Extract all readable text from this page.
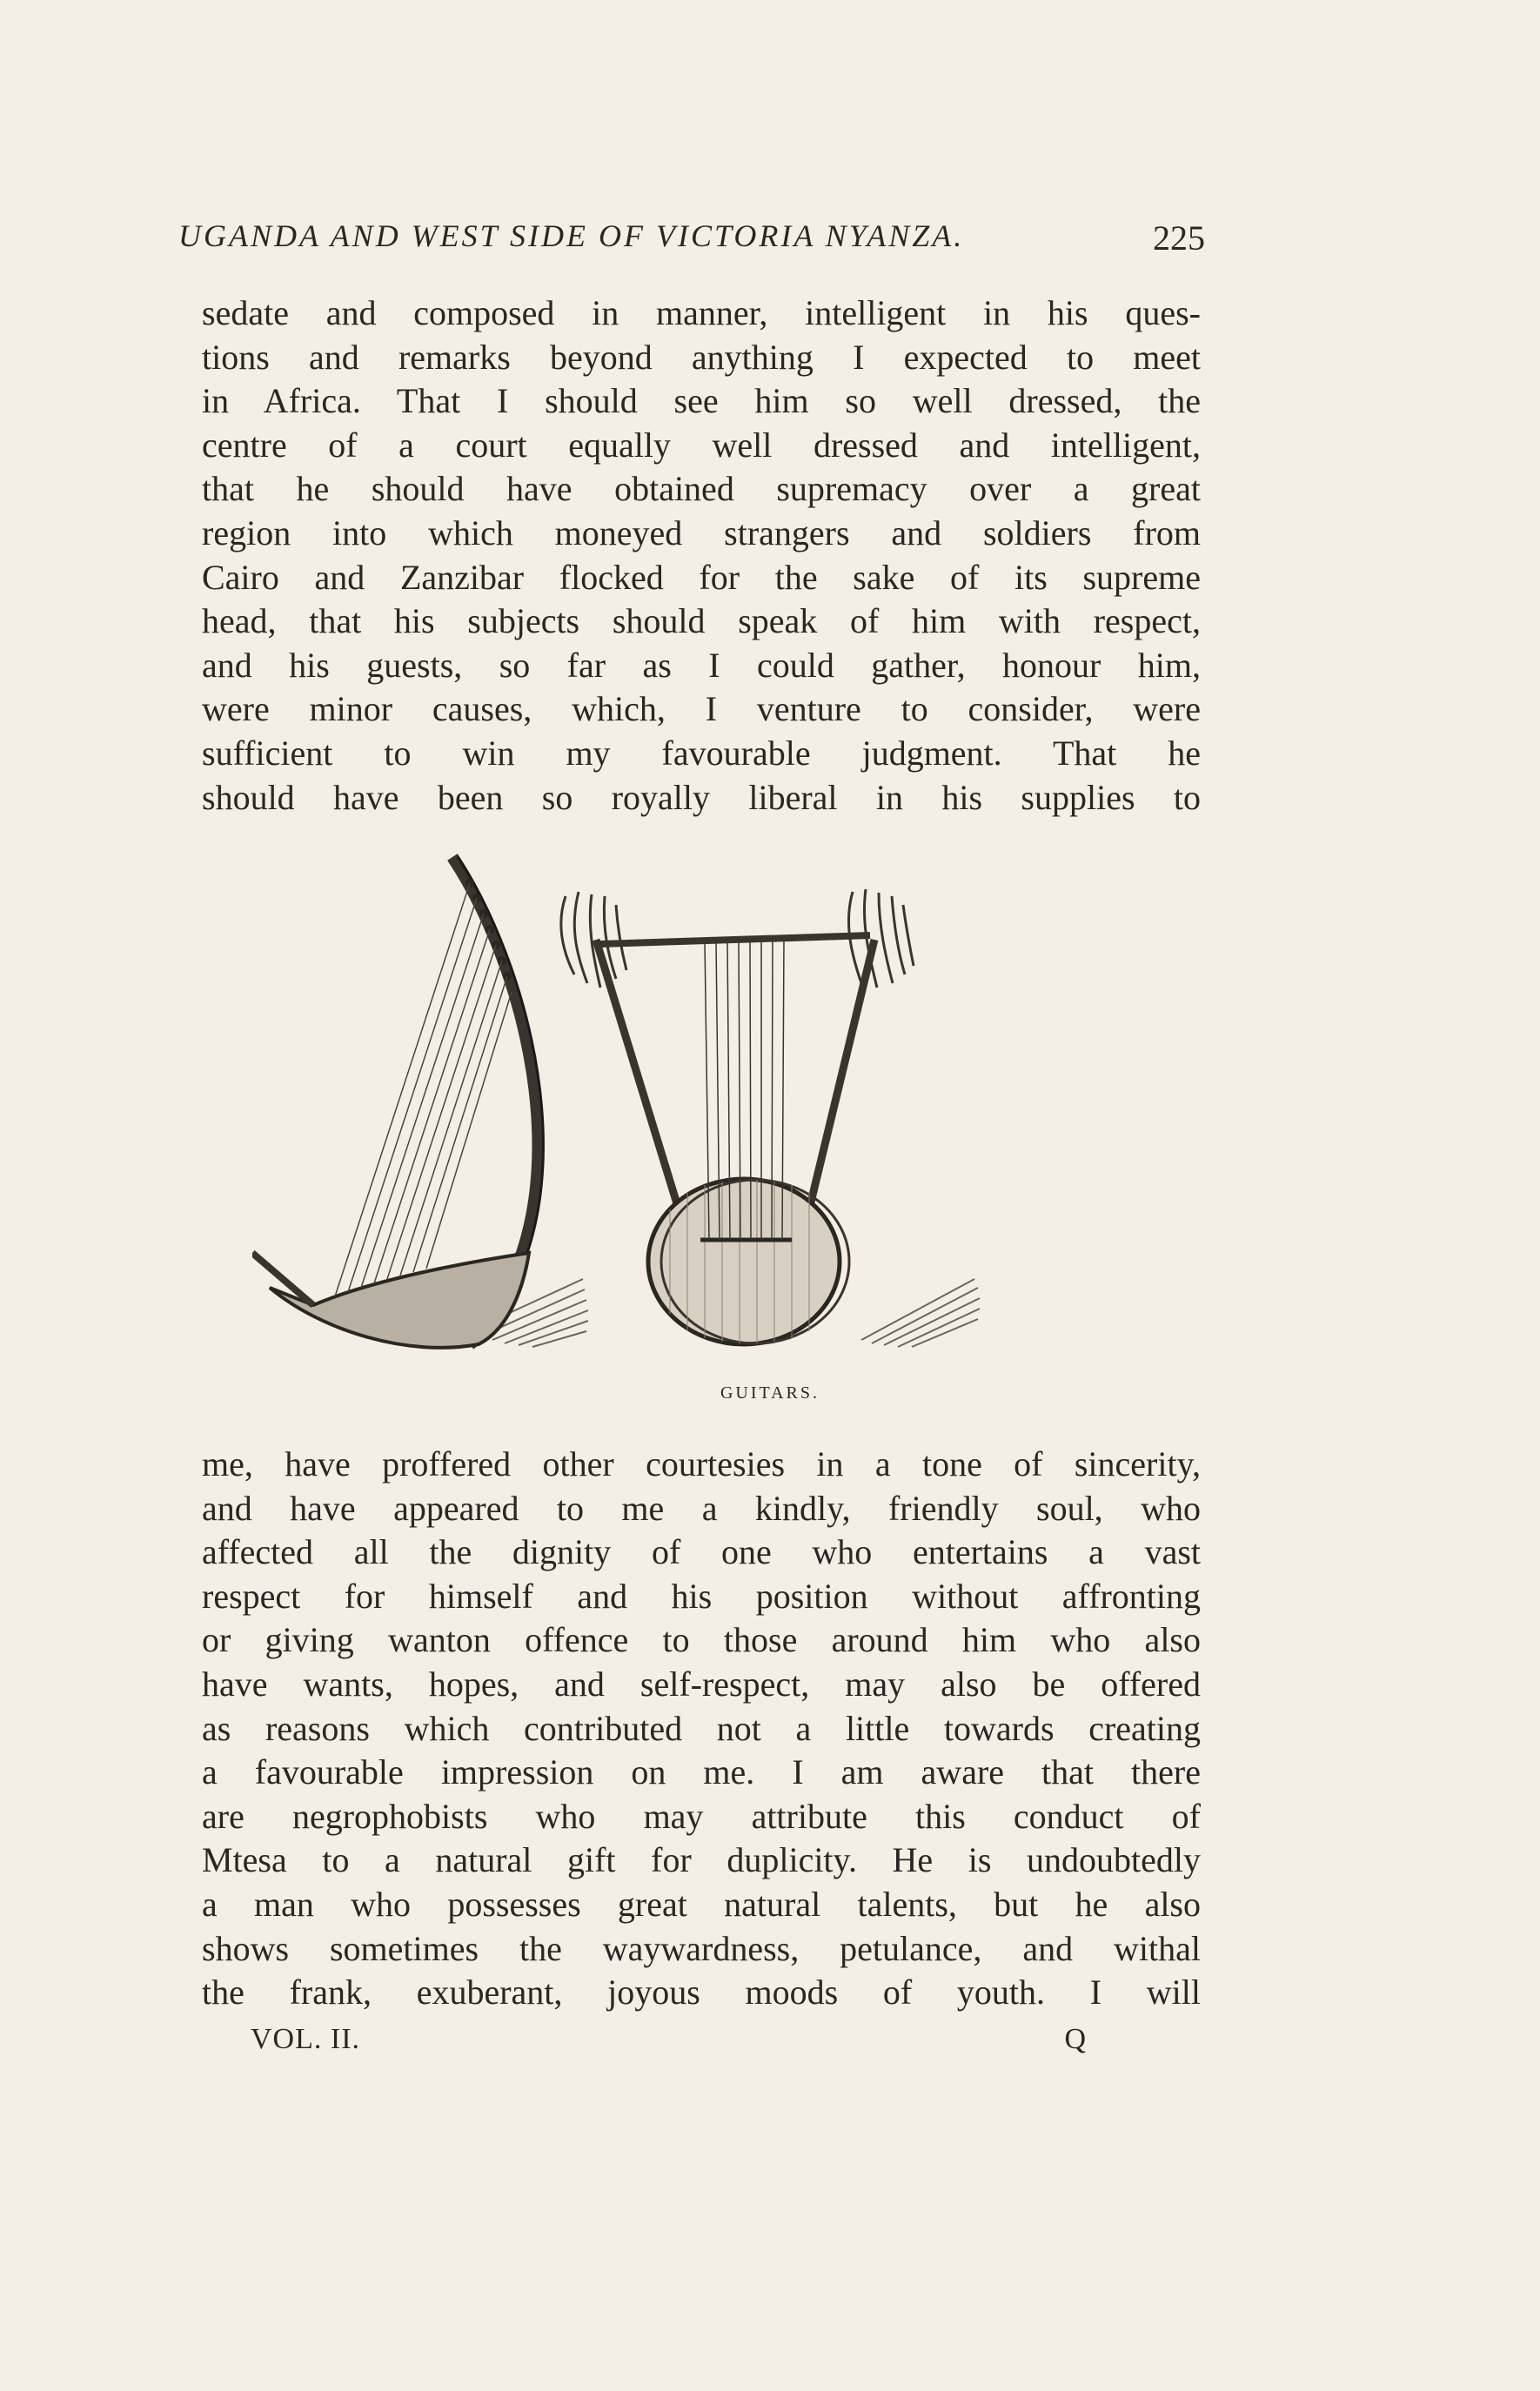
UGANDA AND WEST SIDE OF VICTORIA NYANZA.	225
sedate and composed in manner, intelligent in his ques-
tions and remarks beyond anything I expected to meet
in Africa. That I should see him so well dressed, the
centre of a court equally well dressed and intelligent,
that he should have obtained supremacy over a great
region into which moneyed strangers and soldiers from
Cairo and Zanzibar flocked for the sake of its supreme
head, that his subjects should speak of him with respect,
and his guests, so far as I could gather, honour him,
were minor causes, which, I venture to consider, were
sufficient to win my favourable judgment. That he
should have been so royally liberal in his supplies to
GUITARS.
me, have proffered other courtesies in a tone of sincerity,
and have appeared to me a kindly, friendly soul, who
affected all the dignity of one who entertains a vast
respect for himself and his position without affronting
or giving wanton offence to those around him who also
have wants, hopes, and self-respect, may also be offered
as reasons which contributed not a little towards creating
a favourable impression on me. I am aware that there
are negrophobists who may attribute this conduct of
Mtesa to a natural gift for duplicity. He is undoubtedly
a man who possesses great natural talents, but he also
shows sometimes the waywardness, petulance, and withal
the frank, exuberant, joyous moods of youth. I will
VOL. II.	Q
